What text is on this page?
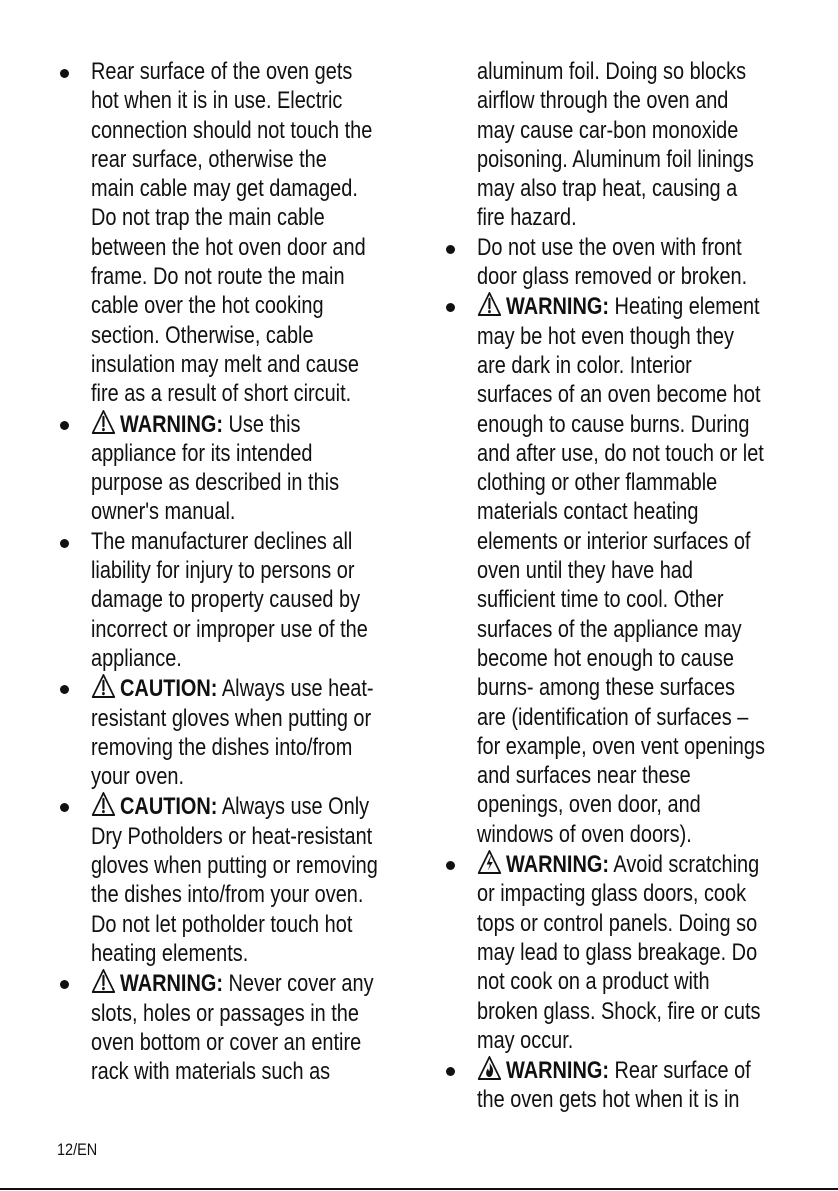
Rear surface of the oven gets
hot when it is in use. Electric
connection should not touch the
rear surface, otherwise the
main cable may get damaged.
Do not trap the main cable
between the hot oven door and
frame. Do not route the main
cable over the hot cooking
section. Otherwise, cable
insulation may melt and cause
fire as a result of short circuit.
WARNING: Use this
appliance for its intended
purpose as described in this
owner's manual.
The manufacturer declines all
liability for injury to persons or
damage to property caused by
incorrect or improper use of the
appliance.
CAUTION: Always use heat-
resistant gloves when putting or
removing the dishes into/from
your oven.
CAUTION: Always use Only
Dry Potholders or heat-resistant
gloves when putting or removing
the dishes into/from your oven.
Do not let potholder touch hot
heating elements.
WARNING: Never cover any
slots, holes or passages in the
oven bottom or cover an entire
rack with materials such as
aluminum foil. Doing so blocks
airflow through the oven and
may cause car-bon monoxide
poisoning. Aluminum foil linings
may also trap heat, causing a
fire hazard.
Do not use the oven with front
door glass removed or broken.
WARNING: Heating element
may be hot even though they
are dark in color. Interior
surfaces of an oven become hot
enough to cause burns. During
and after use, do not touch or let
clothing or other flammable
materials contact heating
elements or interior surfaces of
oven until they have had
sufficient time to cool. Other
surfaces of the appliance may
become hot enough to cause
burns- among these surfaces
are (identification of surfaces –
for example, oven vent openings
and surfaces near these
openings, oven door, and
windows of oven doors).
WARNING: Avoid scratching
or impacting glass doors, cook
tops or control panels. Doing so
may lead to glass breakage. Do
not cook on a product with
broken glass. Shock, fire or cuts
may occur.
WARNING: Rear surface of
the oven gets hot when it is in
12/EN
